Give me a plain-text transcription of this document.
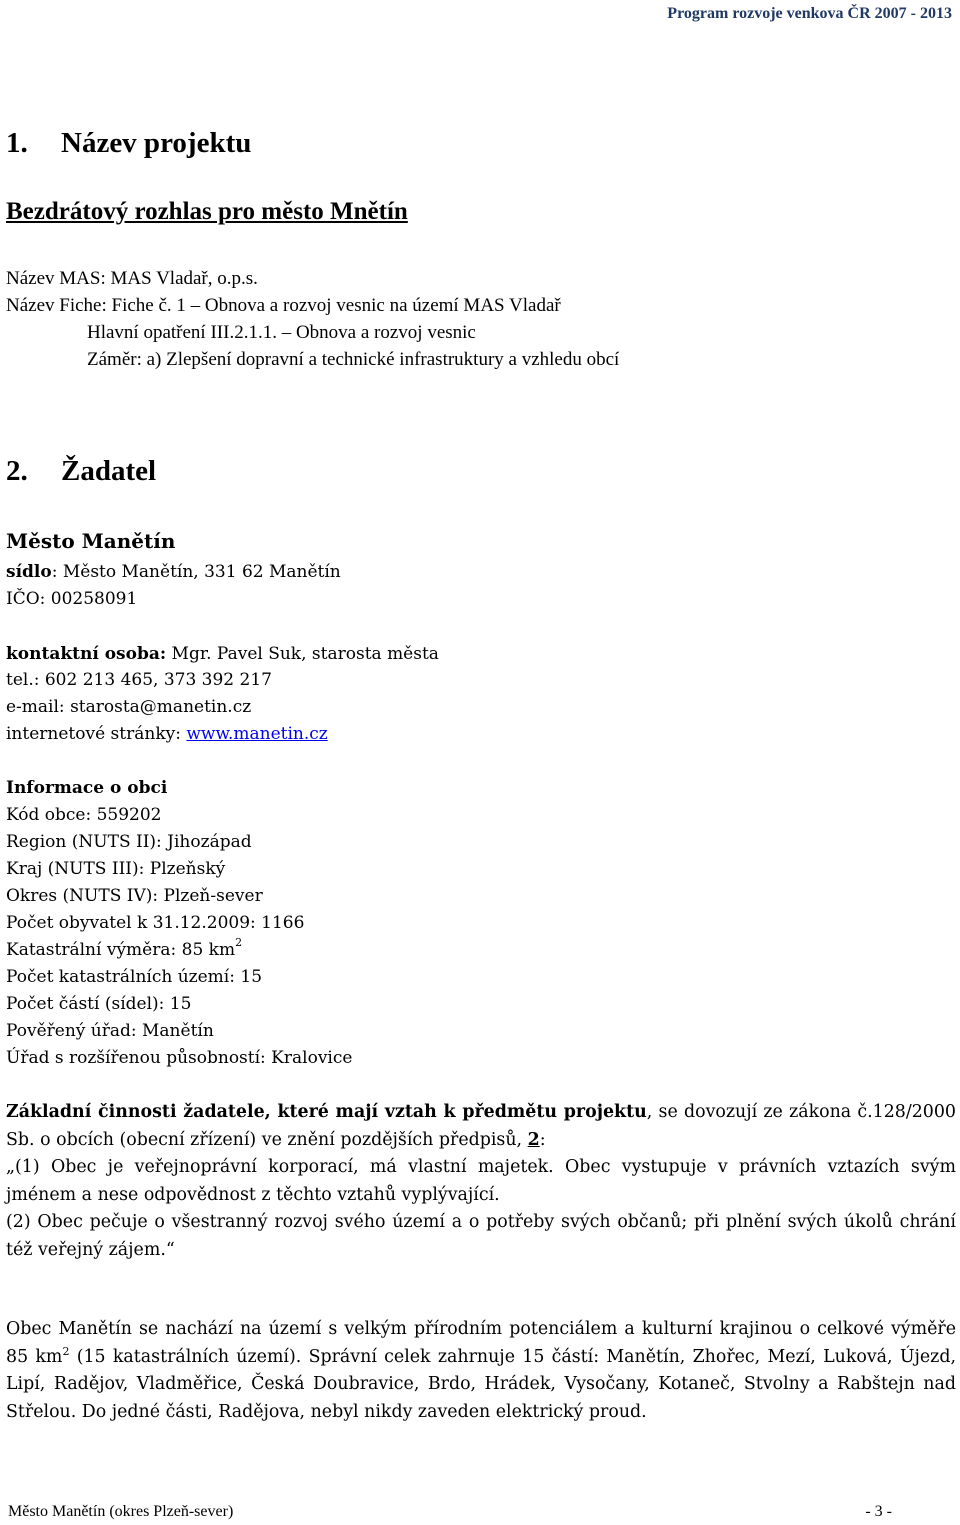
Program rozvoje venkova ČR 2007 - 2013
1. Název projektu
Bezdrátový rozhlas pro město Mnětín
Název MAS: MAS Vladař, o.p.s.
Název Fiche: Fiche č. 1 – Obnova a rozvoj vesnic na území MAS Vladař
Hlavní opatření III.2.1.1. – Obnova a rozvoj vesnic
Záměr: a) Zlepšení dopravní a technické infrastruktury a vzhledu obcí
2. Žadatel
Město Manětín
sídlo: Město Manětín, 331 62 Manětín
IČO: 00258091
kontaktní osoba: Mgr. Pavel Suk, starosta města
tel.: 602 213 465, 373 392 217
e-mail: starosta@manetin.cz
internetové stránky: www.manetin.cz
Informace o obci
Kód obce: 559202
Region (NUTS II): Jihozápad
Kraj (NUTS III): Plzeňský
Okres (NUTS IV): Plzeň-sever
Počet obyvatel k 31.12.2009: 1166
Katastrální výměra: 85 $km^2$
Počet katastrálních území: 15
Počet částí (sídel): 15
Pověřený úřad: Manětín
Úřad s rozšířenou působností: Kralovice
Základní činnosti žadatele, které mají vztah k předmětu projektu, se dovozují ze zákona č.128/2000 Sb. o obcích (obecní zřízení) ve znění pozdějších předpisů, 2:
„(1) Obec je veřejnoprávní korporací, má vlastní majetek. Obec vystupuje v právních vztazích svým jménem a nese odpovědnost z těchto vztahů vyplývající.
(2) Obec pečuje o všestranný rozvoj svého území a o potřeby svých občanů; při plnění svých úkolů chrání též veřejný zájem.“
Obec Manětín se nachází na území s velkým přírodním potenciálem a kulturní krajinou o celkové výměře 85 $km^2$ (15 katastrálních území). Správní celek zahrnuje 15 částí: Manětín, Zhořec, Mezí, Luková, Újezd, Lipí, Radějov, Vladměřice, Česká Doubravice, Brdo, Hrádek, Vysočany, Kotaneč, Stvolny a Rabštejn nad Střelou. Do jedné části, Radějova, nebyl nikdy zaveden elektrický proud.
Město Manětín (okres Plzeň-sever)	- 3 -
